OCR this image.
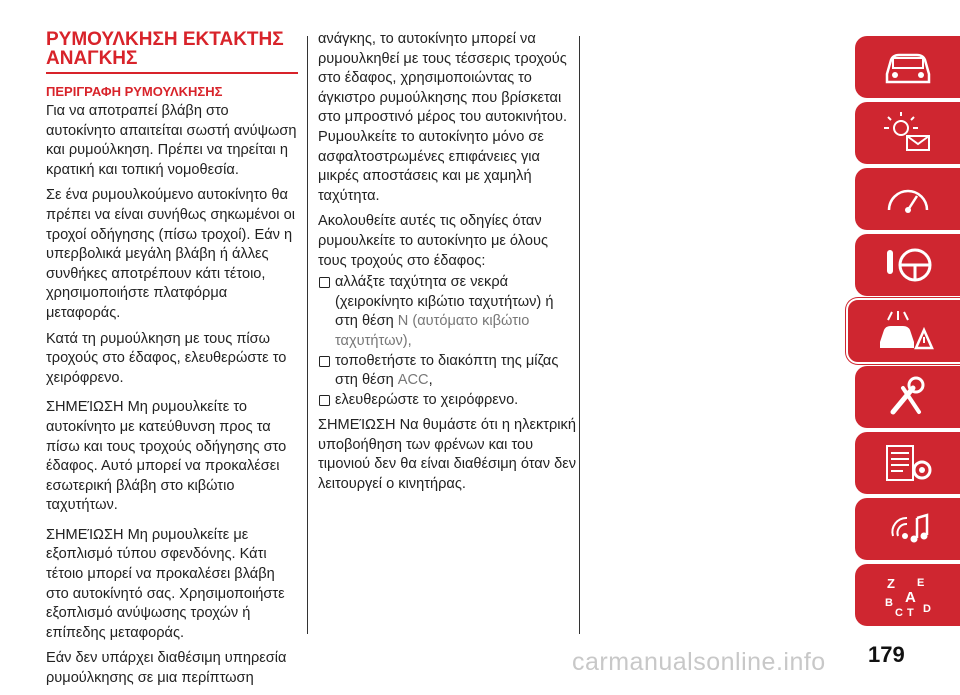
ΡΥΜΟΥΛΚΗΣΗ ΕΚΤΑΚΤΗΣ
ΑΝΑΓΚΗΣ
ΠΕΡΙΓΡΑΦΗ ΡΥΜΟΥΛΚΗΣΗΣ

Για να αποτραπεί βλάβη στο αυτοκίνητο απαιτείται σωστή ανύψωση και ρυμούλκηση. Πρέπει να τηρείται η κρατική και τοπική νομοθεσία.

Σε ένα ρυμουλκούμενο αυτοκίνητο θα πρέπει να είναι συνήθως σηκωμένοι οι τροχοί οδήγησης (πίσω τροχοί). Εάν η υπερβολικά μεγάλη βλάβη ή άλλες συνθήκες αποτρέπουν κάτι τέτοιο, χρησιμοποιήστε πλατφόρμα μεταφοράς.

Κατά τη ρυμούλκηση με τους πίσω τροχούς στο έδαφος, ελευθερώστε το χειρόφρενο.

ΣΗΜΕΊΩΣΗ Μη ρυμουλκείτε το αυτοκίνητο με κατεύθυνση προς τα πίσω και τους τροχούς οδήγησης στο έδαφος. Αυτό μπορεί να προκαλέσει εσωτερική βλάβη στο κιβώτιο ταχυτήτων.

ΣΗΜΕΊΩΣΗ Μη ρυμουλκείτε με εξοπλισμό τύπου σφενδόνης. Κάτι τέτοιο μπορεί να προκαλέσει βλάβη στο αυτοκίνητό σας. Χρησιμοποιήστε εξοπλισμό ανύψωσης τροχών ή επίπεδης μεταφοράς.

Εάν δεν υπάρχει διαθέσιμη υπηρεσία ρυμούλκησης σε μια περίπτωση

ανάγκης, το αυτοκίνητο μπορεί να ρυμουλκηθεί με τους τέσσερις τροχούς στο έδαφος, χρησιμοποιώντας το άγκιστρο ρυμούλκησης που βρίσκεται στο μπροστινό μέρος του αυτοκινήτου. Ρυμουλκείτε το αυτοκίνητο μόνο σε ασφαλτοστρωμένες επιφάνειες για μικρές αποστάσεις και με χαμηλή ταχύτητα.

Ακολουθείτε αυτές τις οδηγίες όταν ρυμουλκείτε το αυτοκίνητο με όλους τους τροχούς στο έδαφος:

αλλάξτε ταχύτητα σε νεκρά (χειροκίνητο κιβώτιο ταχυτήτων) ή στη θέση N (αυτόματο κιβώτιο ταχυτήτων),
τοποθετήστε το διακόπτη της μίζας στη θέση ACC,
ελευθερώστε το χειρόφρενο.

ΣΗΜΕΊΩΣΗ Να θυμάστε ότι η ηλεκτρική υποβοήθηση των φρένων και του τιμονιού δεν θα είναι διαθέσιμη όταν δεν λειτουργεί ο κινητήρας.

Z E
A
B
C T D
carmanualsonline.info 179
